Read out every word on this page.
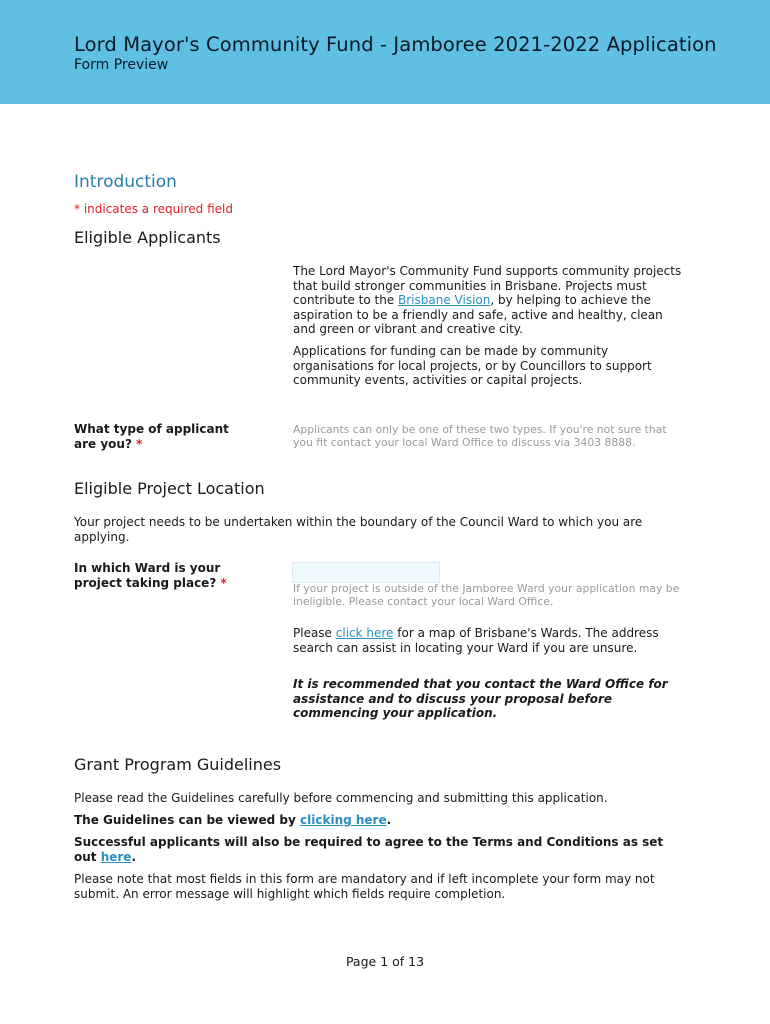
Lord Mayor's Community Fund - Jamboree 2021-2022 Application
Form Preview
Introduction
* indicates a required field
Eligible Applicants
The Lord Mayor's Community Fund supports community projects that build stronger communities in Brisbane. Projects must contribute to the Brisbane Vision, by helping to achieve the aspiration to be a friendly and safe, active and healthy, clean and green or vibrant and creative city.
Applications for funding can be made by community organisations for local projects, or by Councillors to support community events, activities or capital projects.
What type of applicant are you? *
Applicants can only be one of these two types. If you're not sure that you fit contact your local Ward Office to discuss via 3403 8888.
Eligible Project Location
Your project needs to be undertaken within the boundary of the Council Ward to which you are applying.
In which Ward is your project taking place? *	If your project is outside of the Jamboree Ward your application may be ineligible. Please contact your local Ward Office.
Please click here for a map of Brisbane's Wards. The address search can assist in locating your Ward if you are unsure.
It is recommended that you contact the Ward Office for assistance and to discuss your proposal before commencing your application.
Grant Program Guidelines
Please read the Guidelines carefully before commencing and submitting this application.
The Guidelines can be viewed by clicking here.
Successful applicants will also be required to agree to the Terms and Conditions as set out here.
Please note that most fields in this form are mandatory and if left incomplete your form may not submit. An error message will highlight which fields require completion.
Page 1 of 13
